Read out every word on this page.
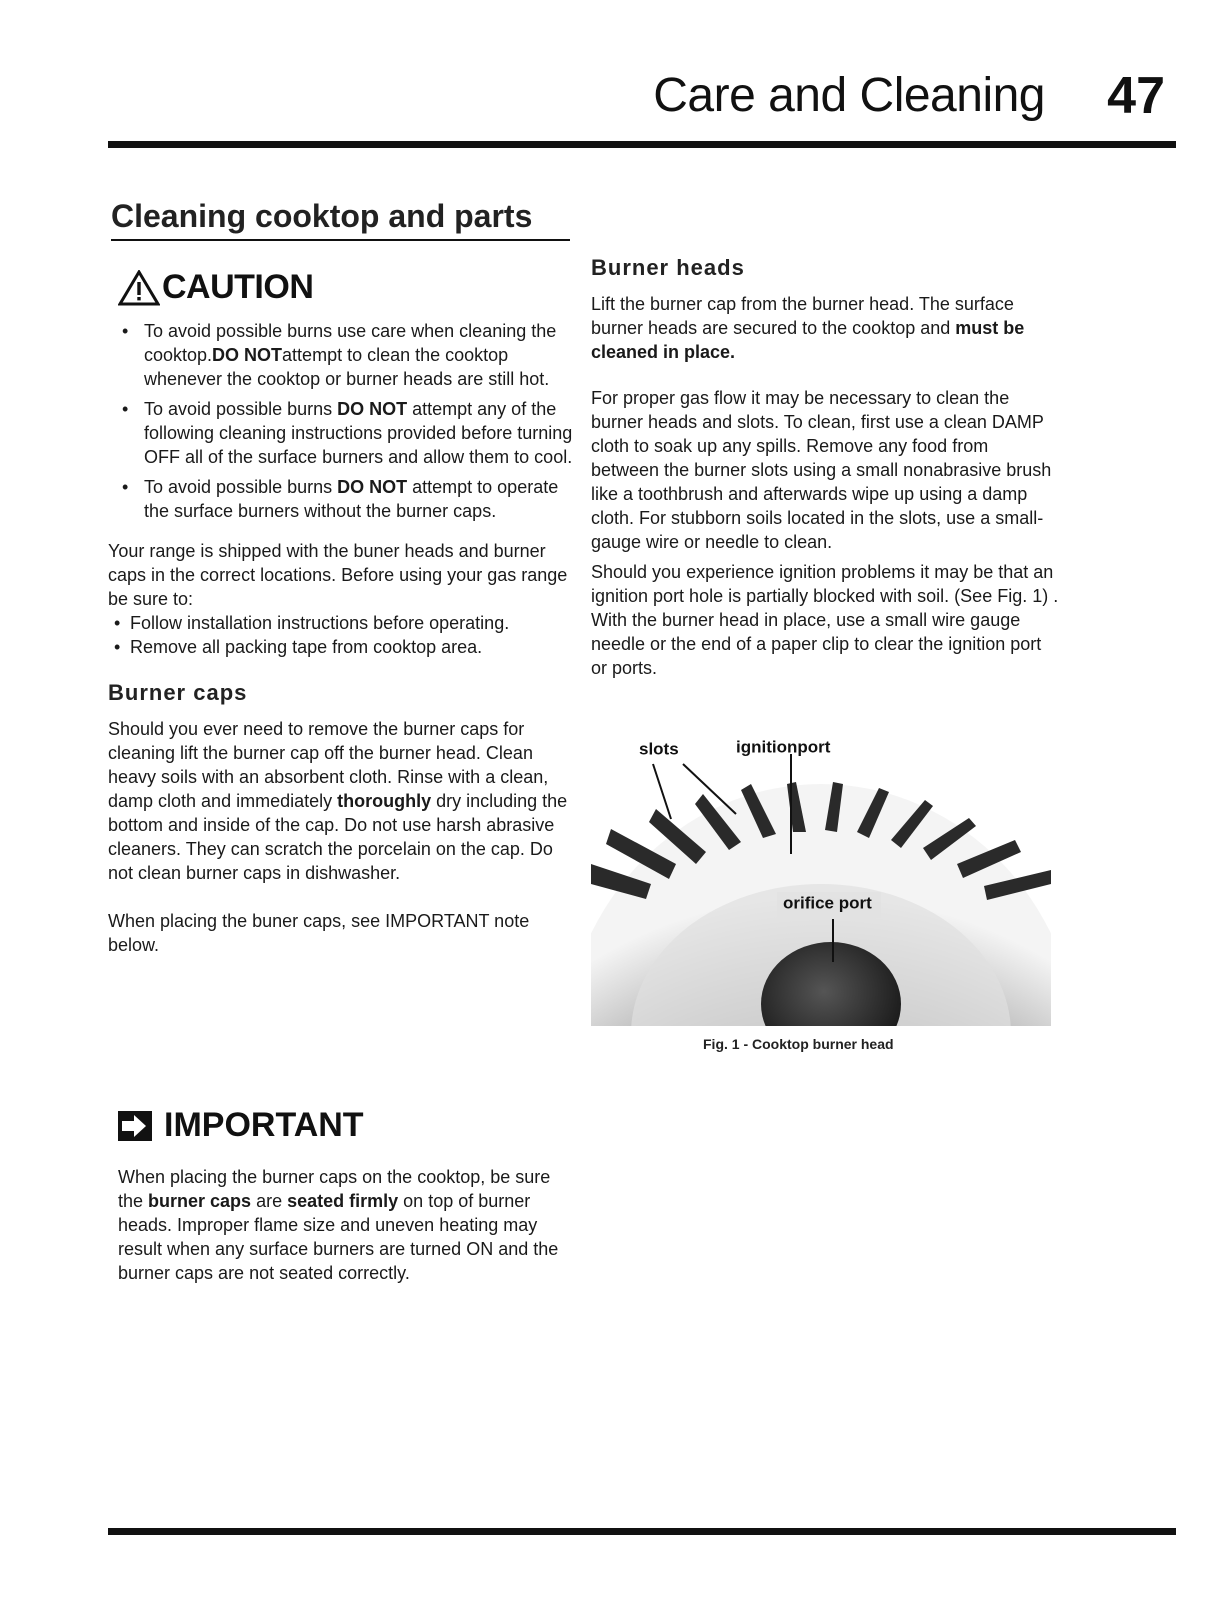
Care and Cleaning 47
Cleaning cooktop and parts
CAUTION
• To avoid possible burns use care when cleaning the cooktop.DO NOTattempt to clean the cooktop whenever the cooktop or burner heads are still hot.
• To avoid possible burns DO NOT attempt any of the following cleaning instructions provided before turning OFF all of the surface burners and allow them to cool.
• To avoid possible burns DO NOT attempt to operate the surface burners without the burner caps.

Your range is shipped with the buner heads and burner caps in the correct locations. Before using your gas range be sure to:

• Follow installation instructions before operating.
• Remove all packing tape from cooktop area.
Burner caps

Should you ever need to remove the burner caps for cleaning lift the burner cap off the burner head. Clean heavy soils with an absorbent cloth. Rinse with a clean, damp cloth and immediately thoroughly dry including the bottom and inside of the cap. Do not use harsh abrasive cleaners. They can scratch the porcelain on the cap. Do not clean burner caps in dishwasher.

When placing the buner caps, see IMPORTANT note below.

IMPORTANT

When placing the burner caps on the cooktop, be sure the burner caps are seated firmly on top of burner heads. Improper flame size and uneven heating may result when any surface burners are turned ON and the burner caps are not seated correctly.

Burner heads

Lift the burner cap from the burner head. The surface burner heads are secured to the cooktop and must be cleaned in place.

For proper gas flow it may be necessary to clean the burner heads and slots. To clean, first use a clean DAMP cloth to soak up any spills. Remove any food from between the burner slots using a small nonabrasive brush like a toothbrush and afterwards wipe up using a damp cloth. For stubborn soils located in the slots, use a small-gauge wire or needle to clean.

Should you experience ignition problems it may be that an ignition port hole is partially blocked with soil. (See Fig. 1) . With the burner head in place, use a small wire gauge needle or the end of a paper clip to clear the ignition port or ports.

slots	ignitionport
orifice port
Fig. 1 - Cooktop burner head
